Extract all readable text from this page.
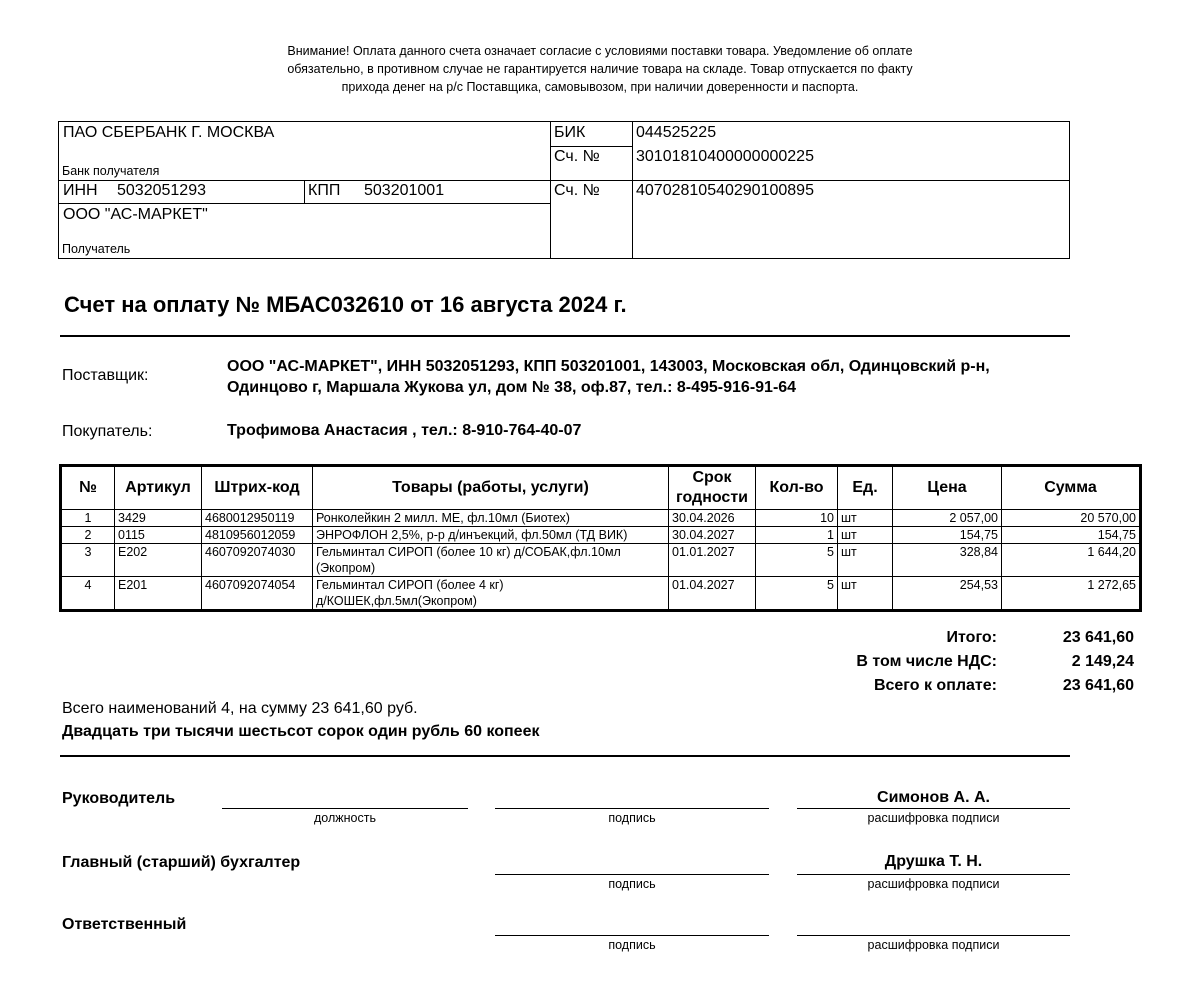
Внимание! Оплата данного счета означает согласие с условиями поставки товара. Уведомление об оплате
обязательно, в противном случае не гарантируется наличие товара на складе. Товар отпускается по факту
прихода денег на р/с Поставщика, самовывозом, при наличии доверенности и паспорта.
ПАО СБЕРБАНК Г. МОСКВА
Банк получателя
БИК	044525225
Сч. № 30101810400000000225
ИНН 5032051293	КПП 503201001	Сч. № 40702810540290100895
ООО "АС-МАРКЕТ"
Получатель
Счет на оплату № МБАС032610 от 16 августа 2024 г.
Поставщик:
ООО "АС-МАРКЕТ", ИНН 5032051293, КПП 503201001, 143003, Московская обл, Одинцовский р-н,
Одинцово г, Маршала Жукова ул, дом № 38, оф.87, тел.: 8-495-916-91-64
Покупатель:	Трофимова Анастасия , тел.: 8-910-764-40-07
№	Артикул	Штрих-код	Товары (работы, услуги)	Срок
годности	Кол-во	Ед.	Цена	Сумма
1	3429	4680012950119	Ронколейкин 2 милл. МЕ, фл.10мл (Биотех)	30.04.2026	10	шт	2 057,00	20 570,00
2	0115	4810956012059	ЭНРОФЛОН 2,5%, р-р д/инъекций, фл.50мл (ТД ВИК)	30.04.2027	1	шт	154,75	154,75
3	Е202	4607092074030	Гельминтал СИРОП (более 10 кг) д/СОБАК,фл.10мл
(Экопром)	01.01.2027	5	шт	328,84	1 644,20
4	Е201	4607092074054	Гельминтал СИРОП (более 4 кг)
д/КОШЕК,фл.5мл(Экопром)	01.04.2027	5	шт	254,53	1 272,65
Итого:	23 641,60
В том числе НДС:	2 149,24
Всего к оплате:	23 641,60
Всего наименований 4, на сумму 23 641,60 руб.
Двадцать три тысячи шестьсот сорок один рубль 60 копеек
Руководитель	Симонов А. А.
должность	подпись	расшифровка подписи
Главный (старший) бухгалтер	Друшка Т. Н.
подпись	расшифровка подписи
Ответственный
подпись	расшифровка подписи
